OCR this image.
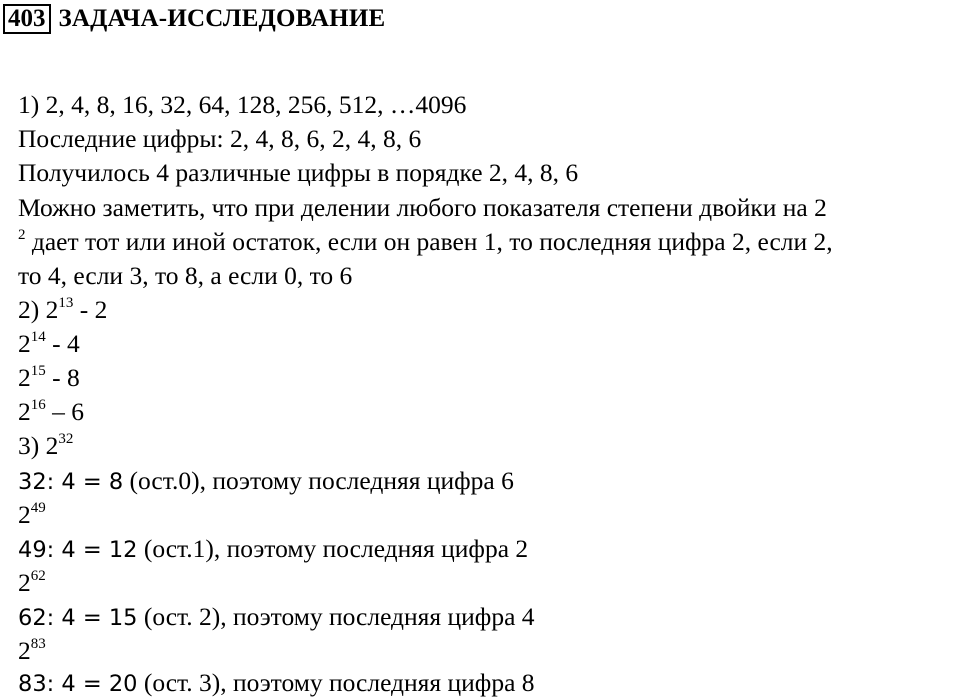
403 ЗАДАЧА-ИССЛЕДОВАНИЕ
1) 2, 4, 8, 16, 32, 64, 128, 256, 512, …4096
Последние цифры: 2, 4, 8, 6, 2, 4, 8, 6
Получилось 4 различные цифры в порядке 2, 4, 8, 6
Можно заметить, что при делении любого показателя степени двойки на 2
$^2$ дает тот или иной остаток, если он равен 1, то последняя цифра 2, если 2,
то 4, если 3, то 8, а если 0, то 6
2) $2^{13} - 2$
$2^{14} - 4$
$2^{15} - 8$
$2^{16} - 6$
3) $2^{32}$
32: 4 = 8 (ост.0), поэтому последняя цифра 6
$2^{49}$
49: 4 = 12 (ост.1), поэтому последняя цифра 2
$2^{62}$
62: 4 = 15 (ост. 2), поэтому последняя цифра 4
$2^{83}$
83: 4 = 20 (ост. 3), поэтому последняя цифра 8
